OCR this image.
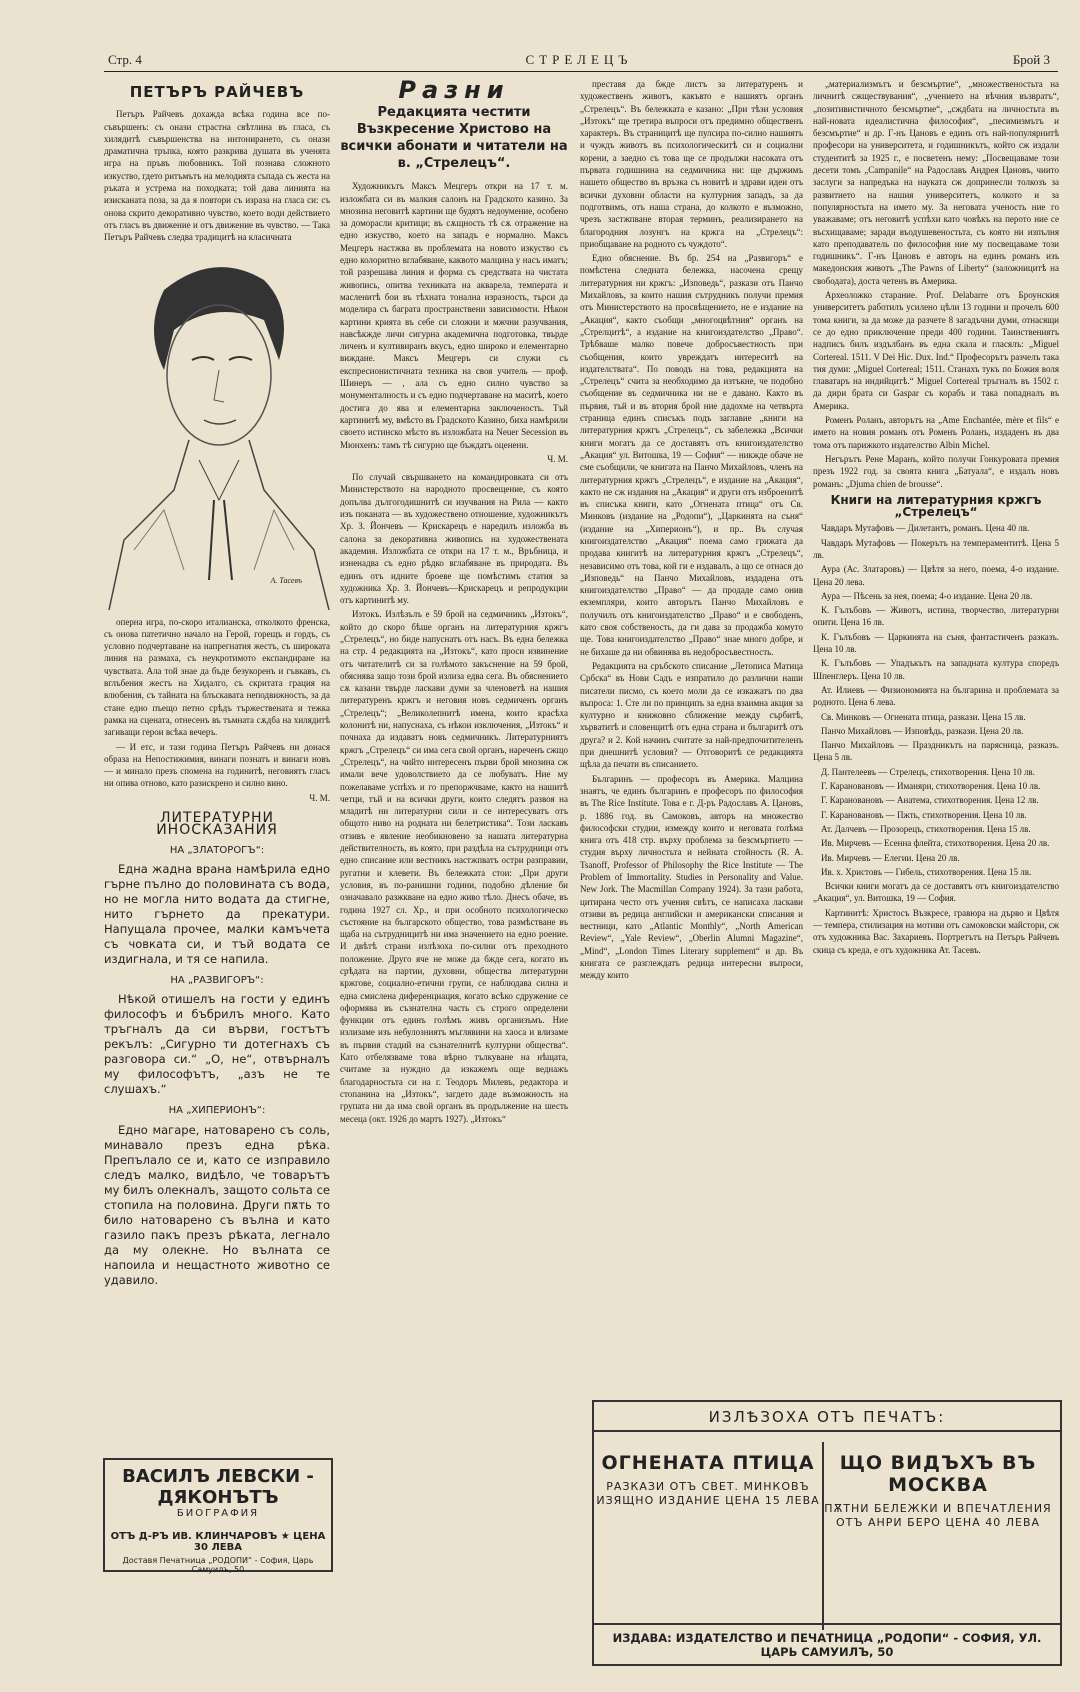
Стр. 4	СТРЕЛЕЦЪ	Брой 3
ПЕТЪРЪ РАЙЧЕВЪ

Петъръ Райчевъ дохажда всѣка година все по-съвършенъ: съ онази страстна свѣтлина въ гласа, съ хилядитѣ съвършенства на интонирането, съ онази драматична тръпка, която разкрива душата въ ученята игра на пръвъ любовникъ. Той познава сложното изкуство, гдето ритъмътъ на мелодията съпада съ жеста на ръката и устрема на походката; той дава линията на изисканата поза, за да я повтори съ израза на гласа си: съ онова скрито декоративно чувство, което води действието отъ гласъ въ движение и отъ движение въ чувство. — Така Петъръ Райчевъ следва традицитѣ на класичната

А. Тасевъ

оперна игра, по-скоро италианска, отколкото френска, съ онова патетично начало на Герой, горещъ и гордъ, съ условно подчертаване на напрегнатия жестъ, съ широката линия на размаха, съ неукротимото експандиране на чувствата. Ала той знае да бъде безукоренъ и гъвкавъ, съ вглъбения жестъ на Хидалго, съ скритата грация на влюбения, съ тайната на блъскавата неподвижность, за да стане едно пъещо петно срѣдъ тържествената и тежка рамка на сцената, отнесенъ въ тъмната сѫдба на хилядитѣ загиващи герои всѣка вечеръ.

— И етс, и тази година Петъръ Райчевъ ни донася образа на Непостижимия, винаги познатъ и винаги новъ — и минало презъ спомена на годинитѣ, неговиятъ гласъ ни опива отново, като разискрено и силно вино.

Ч. М.
ЛИТЕРАТУРНИ ИНОСКАЗАНИЯ
НА „ЗЛАТОРОГЪ“:

Една жадна врана намѣрила едно гърне пълно до половината съ вода, но не могла нито водата да стигне, нито гърнето да прекатури. Напущала прочее, малки камъчета съ човката си, и тъй водата се издигнала, и тя се напила.

НА „РАЗВИГОРЪ“:

Нѣкой отишелъ на гости у единъ философъ и бъбрилъ много. Като тръгналъ да си върви, гостътъ рекълъ: „Сигурно ти дотегнахъ съ разговора си.“ „О, не“, отвърналъ му философътъ, „азъ не те слушахъ.“

НА „ХИПЕРИОНЪ“:

Едно магаре, натоварено съ соль, минавало презъ една рѣка. Препълало се и, като се изправило следъ малко, видѣло, че товарътъ му билъ олекналъ, защото сольта се стопила на половина. Други пѫть то било натоварено съ вълна и като газило пакъ презъ рѣката, легнало да му олекне. Но вълната се напоила и нещастното животно се удавило.

Разни
Редакцията честити Възкресение Христово на всички абонати и читатели на в. „Стрелецъ“.

Художникътъ Максъ Мецгеръ откри на 17 т. м. изложбата си въ малкия салонъ на Градското казино. За мнозина неговитѣ картини ще будятъ недоумение, особено за доморасли критици; въ сѫщность тѣ сѫ отражение на едно изкуство, което на западъ е нормално. Максъ Мецгеръ настжва въ проблемата на новото изкуство съ едно колоритно вглабяване, каквото малцина у насъ иматъ; той разрешава линия и форма съ средствата на чистата живопись, опитва техниката на акварела, температа и масленитѣ бои въ тѣхната тонална изразность, търси да моделира съ баграта пространствени зависимости. Нѣкои картини крията въ себе си сложни и мжчни разучвания, навсѣкжде личи сигурна академична подготовка, твърде личенъ и култивиранъ вкусъ, едно широко и елементарно виждане. Максъ Мецгеръ си служи съ експресионистичната техника на своя учитель — проф. Шинеръ — , ала съ едно силно чувство за монументалность и съ едно подчертаване на маситѣ, което достига до ява и елементарна заключеность. Тъй картинитѣ му, вмѣсто въ Градското Казино, биха намѣрили своето истинско мѣсто въ изложбата на Neuer Secession въ Мюнхенъ: тамъ тѣ сигурно ще бъждатъ оценени.

Ч. М.

По случай свършването на командировката си отъ Министерството на народното просвещение, съ която допълва дългогодишнитѣ си изучвания на Рила — както изъ поканата — въ художествено отношение, художникътъ Хр. З. Йончевъ — Крискарецъ е наредилъ изложба въ салона за декоративна живопись на художествената академия. Изложбата се откри на 17 т. м., Връбница, и изненадва съ едно рѣдко вглабяване въ природата. Въ единъ отъ идните броеве ще помѣстимъ статия за художника Хр. З. Йончевъ—Крискарецъ и репродукции отъ картинитѣ му.

Изтокъ. Излѣзълъ е 59 брой на седмичникъ „Изтокъ“, който до скоро бѣше органъ на литературния кржгъ „Стрелецъ“, но биде напуснатъ отъ насъ. Въ една бележка на стр. 4 редакцията на „Изтокъ“, като проси извинение отъ читателитѣ си за голѣмото закъснение на 59 брой, обяснява защо този брой излиза едва сега. Въ обяснението сѫ казани твърде ласкави думи за членоветѣ на нашия литературенъ кржгъ и неговия новъ седмиченъ органъ „Стрелецъ“; „Великолепнитѣ имена, които красѣха колонитѣ ни, напуснаха, съ нѣкои изключения, „Изтокъ“ и почнаха да издаватъ новъ седмичникъ. Литературниятъ кржгъ „Стрелецъ“ си има сега свой органъ, нареченъ сжщо „Стрелецъ“, на чийто интересенъ първи брой мнозина сж имали вече удоволствието да се любуватъ. Ние му пожелаваме успѣхъ и го препоржчваме, както на нашитѣ четци, тъй и на всички други, които следятъ развоя на младитѣ ни литературни сили и се интересуватъ отъ общото ниво на родната ни белетристика“. Този ласкавъ отзивъ е явление необикновено за нашата литературна действителность, въ която, при раздѣла на сътрудници отъ едно списание или вестникъ настжпватъ остри разправии, ругатни и клевети. Въ бележката стои: „При други условия, въ по-ранишни години, подобно дѣление би означавало разжкване на едно живо тѣло. Днесъ обаче, въ година 1927 сл. Хр., и при особното психологическо състояние на българското общество, това размѣстване въ щаба на сътрудницитѣ ни има значението на едно роение. И двѣтѣ страни излѣзоха по-силни отъ преходното положение. Друго яче не може да бжде сега, когато въ срѣдата на партии, духовни, общества литературни кржгове, социално-етични групи, се наблюдава силна и една смислена диференциация, когато всѣко сдружение се оформява въ съзнателна часть съ строго определени функции отъ единъ голѣмъ живъ организъмъ. Ние излизаме изъ небулозниятъ мъглявини на хаоса и влизаме въ първия стадий на съзнателнитѣ културни общества“. Като отбелязваме това вѣрно тълкуване на нѣщата, считаме за нуждно да изкажемъ още веднажъ благодарностьта си на г. Теодоръ Милевъ, редактора и стопанина на „Изтокъ“, загдето даде възможность на групата ни да има свой органъ въ продължение на шесть месеца (окт. 1926 до мартъ 1927). „Изтокъ“

преставя да бжде листъ за литературенъ и художественъ животъ, какъвто е нашиятъ органъ „Стрелецъ“. Въ бележката е казано: „При тѣзи условия „Изтокъ“ ще третира въпроси отъ предимно общественъ характеръ. Въ страницитѣ ще пулсира по-силно нашиятъ и чуждъ животъ въ психологическитѣ си и социални корени, а заедно съ това ще се продължи насоката отъ първата годишнина на седмичника ни: ще държимъ нашето общество въ връзка съ новитѣ и здрави идеи отъ всички духовни области на културния западъ, за да подготвимъ, отъ наша страна, до колкото е възможно, чрезъ застжпване вторая терминъ, реализирането на благородния лозунгъ на кржга на „Стрелецъ“: приобщаване на родното съ чуждото“.

Едно обяснение. Въ бр. 254 на „Развигоръ“ е помѣстена следната бележка, насочена срещу литературния ни кржгъ: „Изповедь“, разкази отъ Панчо Михайловъ, за които нашия сътрудникъ получи премия отъ Министерството на просвѣщението, не е издание на „Акация“, както съобщи „многоцвѣтния“ органъ на „Стрелцитѣ“, а издание на книгоиздателство „Право“. Трѣбваше малко повече добросъвестность при съобщения, които увреждатъ интереситѣ на издателствата“. По поводъ на това, редакцията на „Стрелецъ“ счита за необходимо да изтъкне, че подобно съобщение въ седмичника ни не е давано. Както въ първия, тъй и въ втория брой ние дадохме на четвърта страница единъ списъкъ подъ заглавие „книги на литературния кржгъ „Стрелецъ“, съ забележка „Всички книги могатъ да се доставятъ отъ книгоиздателство „Акация“ ул. Витошка, 19 — София“ — никжде обаче не сме съобщили, че книгата на Панчо Михайловъ, членъ на литературния кржгъ „Стрелецъ“, е издание на „Акация“, както не сж издания на „Акация“ и други отъ изброенитѣ въ списъка книги, като „Огнената птица“ отъ Св. Минковъ (издание на „Родопи“), „Царкинята на съня“ (издание на „Хиперионъ“), и пр.. Въ случая книгоиздателство „Акация“ поема само грижата да продава книгитѣ на литературния кржгъ „Стрелецъ“, независимо отъ това, кой ги е издавалъ, а що се отнася до „Изповедь“ на Панчо Михайловъ, издадена отъ книгоиздателство „Право“ — да продаде само онив екземпляри, които авторътъ Панчо Михайловъ е получилъ отъ книгоиздателство „Право“ и е свободенъ, като своя собственость, да ги дава за продажба комуто ще. Това книгоиздателство „Право“ знае много добре, и не бихаше да ни обвинява въ недобросъвестность.

Редакцията на сръбското списание „Летописа Матица Србска“ въ Нови Садъ е изпратило до различни наши писатели писмо, съ което моли да се изкажатъ по два въпроса: 1. Сте ли по принципъ за една взаимна акция за културно и книжовно сближение между сърбитѣ, хърватитѣ и словенцитѣ отъ една страна и българитѣ отъ друга? и 2. Кой начинъ считате за най-предпочитителенъ при днешнитѣ условия? — Отговоритѣ се редакцията щѣла да печати въ списанието.

Българинъ — професоръ въ Америка. Малцина знаятъ, че единъ българинъ е професоръ по философия въ The Rice Institute. Това е г. Д-ръ Радославъ А. Цановъ, р. 1886 год. въ Самоковъ, авторъ на множество философски студии, измежду които и неговата голѣма книга отъ 418 стр. върху проблема за безсмъртието — студия върху личностьта и нейната стойность (R. A. Tsanoff, Professor of Philosophy the Rice Institute — The Problem of Immortality. Studies in Personality and Value. New Jork. The Macmillan Company 1924). За тази работа, цитирана често отъ учения свѣтъ, се написаха ласкави отзиви въ редица английски и американски списания и вестници, като „Atlantic Monthly“, „North American Review“, „Yale Review“, „Oberlin Alumni Magazine“, „Mind“, „London Times Literary supplement“ и др. Въ книгата се разглеждатъ редица интересни въпроси, между които

„материализмътъ и безсмъртие“, „множественостьта на личнитѣ сжществувания“, „учението на вѣчния възвратъ“, „позитивистичното безсмъртие“, „сждбата на личностьта въ най-новата идеалистична философия“, „песимизмътъ и безсмъртие“ и др. Г-нъ Цановъ е единъ отъ най-популярнитѣ професори на университета, и годишникътъ, който сж издали студентитѣ за 1925 г., е посветенъ нему: „Посвещаваме този десети томъ „Campanile“ на Радославъ Андрея Цановъ, чиито заслуги за напредъка на науката сж допринесли толкозъ за развитието на нашия университетъ, колкото и за популярностьта на името му. За неговата ученость ние го уважаваме; отъ неговитѣ успѣхи като човѣкъ на перото ние се въсхищаваме; заради въодушевеностьта, съ която ни изпълня като преподаватель по философия ние му посвещаваме този годишникъ“. Г-нъ Цановъ е авторъ на единъ романъ изъ македонския животъ „The Pawns of Liberty“ (заложницитѣ на свободата), доста четенъ въ Америка.

Археоложко старание. Prof. Delabarre отъ Броунския университетъ работилъ усилено цѣли 13 години и прочелъ 600 тома книги, за да може да разчете 8 загадъчни думи, отнасящи се до едно приключение преди 400 години. Таинствениятъ надписъ билъ издълбанъ въ една скала и гласялъ: „Miguel Cortereal. 1511. V Dei Hic. Dux. Ind.“ Професорътъ разчелъ така тия думи: „Miguel Cortereal; 1511. Станахъ тукъ по Божия воля главатаръ на индийцитѣ.“ Miguel Cortereal тръгналъ въ 1502 г. да дири брата си Gaspar съ корабъ и така попадналъ въ Америка.

Роменъ Роланъ, авторътъ на „Ame Enchantée, mère et fils“ е името на новия романъ отъ Роменъ Роланъ, издаденъ въ два тома отъ парижкото издателство Albin Michel.

Негърътъ Рене Маранъ, който получи Гонкуровата премия презъ 1922 год. за своята книга „Батуала“, е издалъ новъ романъ: „Djuma chien de brousse“.

Книги на литературния кржгъ „Стрелецъ“

Чавдаръ Мутафовъ — Дилетантъ, романъ. Цена 40 лв.

Чавдаръ Мутафовъ — Покерътъ на темпераментитѣ. Цена 5 лв.

Аура (Ас. Златаровъ) — Цвѣтя за него, поема, 4-о издание. Цена 20 лева.

Аура — Пѣсень за нея, поема; 4-о издание. Цена 20 лв.

К. Гълъбовъ — Животъ, истина, творчество, литературни опити. Цена 16 лв.

К. Гълъбовъ — Царкинята на съня, фантастиченъ разказъ. Цена 10 лв.

К. Гълъбовъ — Упадъкътъ на западната култура споредъ Шпенглеръ. Цена 10 лв.

Ат. Илиевъ — Физиономията на българина и проблемата за родното. Цена 6 лева.

Св. Минковъ — Огнената птица, разкази. Цена 15 лв.

Панчо Михайловъ — Изповѣдь, разкази. Цена 20 лв.

Панчо Михайловъ — Праздникътъ на парясница, разказъ. Цена 5 лв.

Д. Пантелеевъ — Стрелецъ, стихотворения. Цена 10 лв.

Г. Карановановъ — Иманяри, стихотворения. Цена 10 лв.

Г. Карановановъ — Анатема, стихотворения. Цена 12 лв.

Г. Карановановъ — Пжть, стихотворения. Цена 10 лв.

Ат. Далчевъ — Прозорецъ, стихотворения. Цена 15 лв.

Ив. Мирчевъ — Есенна флейта, стихотворения. Цена 20 лв.

Ив. Мирчевъ — Елегии. Цена 20 лв.

Ив. х. Христовъ — Гибель, стихотворения. Цена 15 лв.

Всички книги могатъ да се доставятъ отъ книгоиздателство „Акация“, ул. Витошка, 19 — София.

Картинитѣ: Христосъ Възкресе, гравюра на дърво и Цвѣтя — темпера, стилизация на мотиви отъ самоковски майстори, сж отъ художника Вас. Захариевъ. Портретътъ на Петъръ Райчевъ скица съ креда, е отъ художника Ат. Тасевъ.

ВАСИЛЪ ЛЕВСКИ - ДЯКОНЪТЪ
БИОГРАФИЯ
ОТЪ Д-РЪ ИВ. КЛИНЧАРОВЪ ★ ЦЕНА 30 ЛЕВА
Доставя Печатница „РОДОПИ“ - София, Царь Самуилъ, 50
ИЗЛѢЗОХА ОТЪ ПЕЧАТЪ:
ОГНЕНАТА ПТИЦА
РАЗКАЗИ ОТЪ СВЕТ. МИНКОВЪ ИЗЯЩНО ИЗДАНИЕ ЦЕНА 15 ЛЕВА
ЩО ВИДЪХЪ ВЪ МОСКВА
ПѪТНИ БЕЛЕЖКИ И ВПЕЧАТЛЕНИЯ ОТЪ АНРИ БЕРО ЦЕНА 40 ЛЕВА
ИЗДАВА: ИЗДАТЕЛСТВО И ПЕЧАТНИЦА „РОДОПИ“ - СОФИЯ, УЛ. ЦАРЬ САМУИЛЪ, 50
